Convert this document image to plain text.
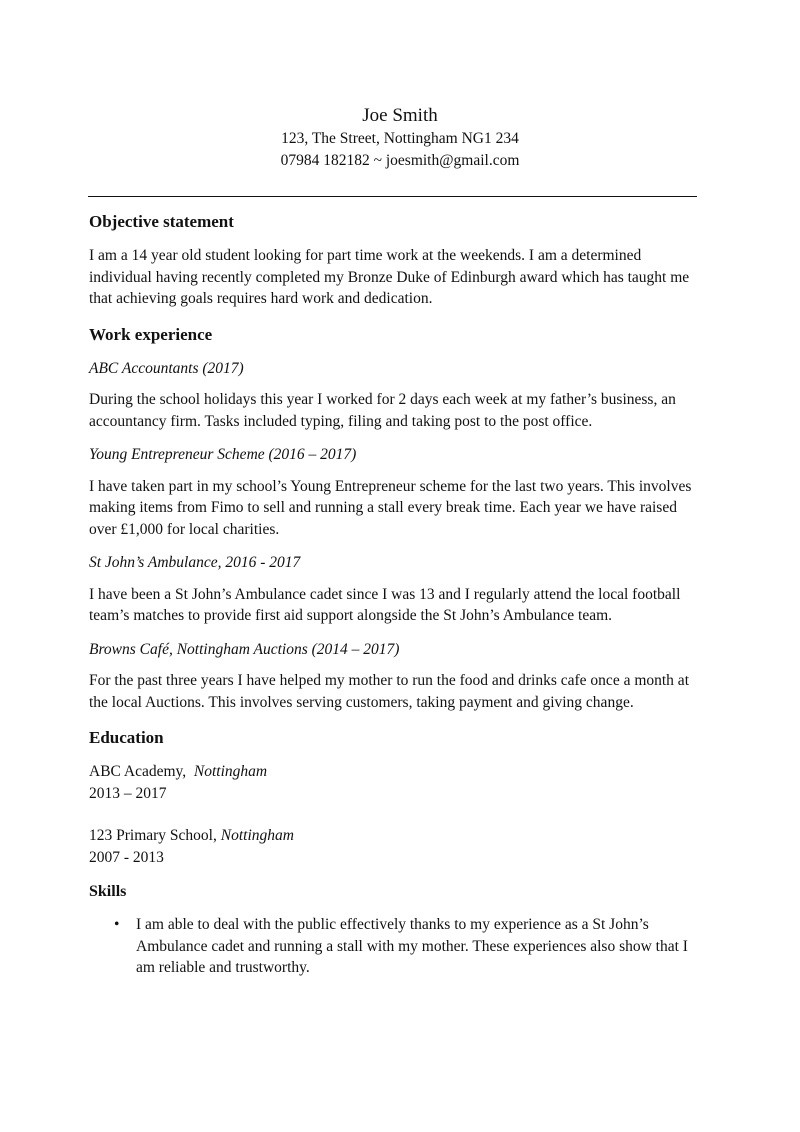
Joe Smith
123, The Street, Nottingham NG1 234
07984 182182 ~ joesmith@gmail.com
Objective statement

I am a 14 year old student looking for part time work at the weekends. I am a determined individual having recently completed my Bronze Duke of Edinburgh award which has taught me that achieving goals requires hard work and dedication.

Work experience

ABC Accountants (2017)

During the school holidays this year I worked for 2 days each week at my father’s business, an accountancy firm. Tasks included typing, filing and taking post to the post office.

Young Entrepreneur Scheme (2016 – 2017)

I have taken part in my school’s Young Entrepreneur scheme for the last two years. This involves making items from Fimo to sell and running a stall every break time. Each year we have raised over £1,000 for local charities.

St John’s Ambulance, 2016 - 2017

I have been a St John’s Ambulance cadet since I was 13 and I regularly attend the local football team’s matches to provide first aid support alongside the St John’s Ambulance team.

Browns Café, Nottingham Auctions (2014 – 2017)

For the past three years I have helped my mother to run the food and drinks cafe once a month at the local Auctions. This involves serving customers, taking payment and giving change.

Education
ABC Academy, Nottingham
2013 – 2017
123 Primary School, Nottingham
2007 - 2013
Skills
• I am able to deal with the public effectively thanks to my experience as a St John’s Ambulance cadet and running a stall with my mother. These experiences also show that I am reliable and trustworthy.
